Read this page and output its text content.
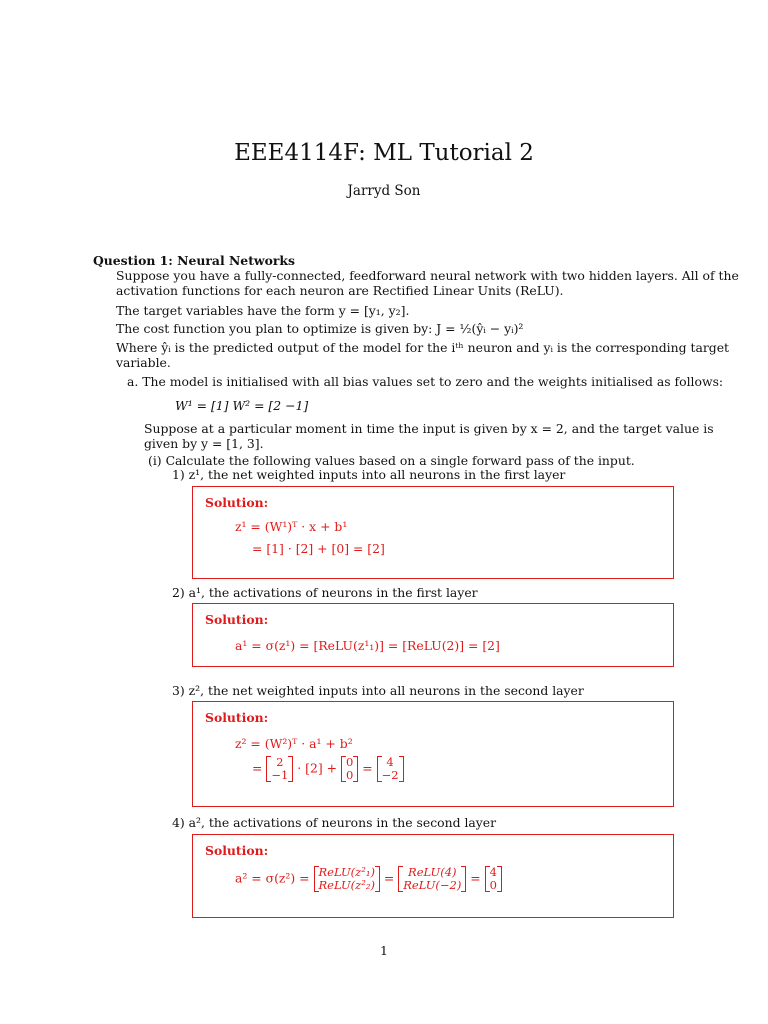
EEE4114F: ML Tutorial 2
Jarryd Son
Question 1: Neural Networks
Suppose you have a fully-connected, feedforward neural network with two hidden layers. All of the
activation functions for each neuron are Rectified Linear Units (ReLU).
The target variables have the form y = [y₁, y₂].
The cost function you plan to optimize is given by: J = ½(ŷᵢ − yᵢ)²
Where ŷᵢ is the predicted output of the model for the iᵗʰ neuron and yᵢ is the corresponding target
variable.
a. The model is initialised with all bias values set to zero and the weights initialised as follows:
W¹ = [1] W² = [2 −1]
Suppose at a particular moment in time the input is given by x = 2, and the target value is
given by y = [1, 3].
(i) Calculate the following values based on a single forward pass of the input.
1) z¹, the net weighted inputs into all neurons in the first layer
Solution:
z¹ = (W¹)ᵀ · x + b¹
= [1] · [2] + [0] = [2]
2) a¹, the activations of neurons in the first layer
Solution:
a¹ = σ(z¹) = [ReLU(z¹₁)] = [ReLU(2)] = [2]
3) z², the net weighted inputs into all neurons in the second layer
Solution:
z² = (W²)ᵀ · a¹ + b²
= 2
−1 · [2] + 0
0 = 4
−2
4) a², the activations of neurons in the second layer
Solution:
a² = σ(z²) = ReLU(z²₁)
ReLU(z²₂) = ReLU(4)
ReLU(−2) = 4
0
1
